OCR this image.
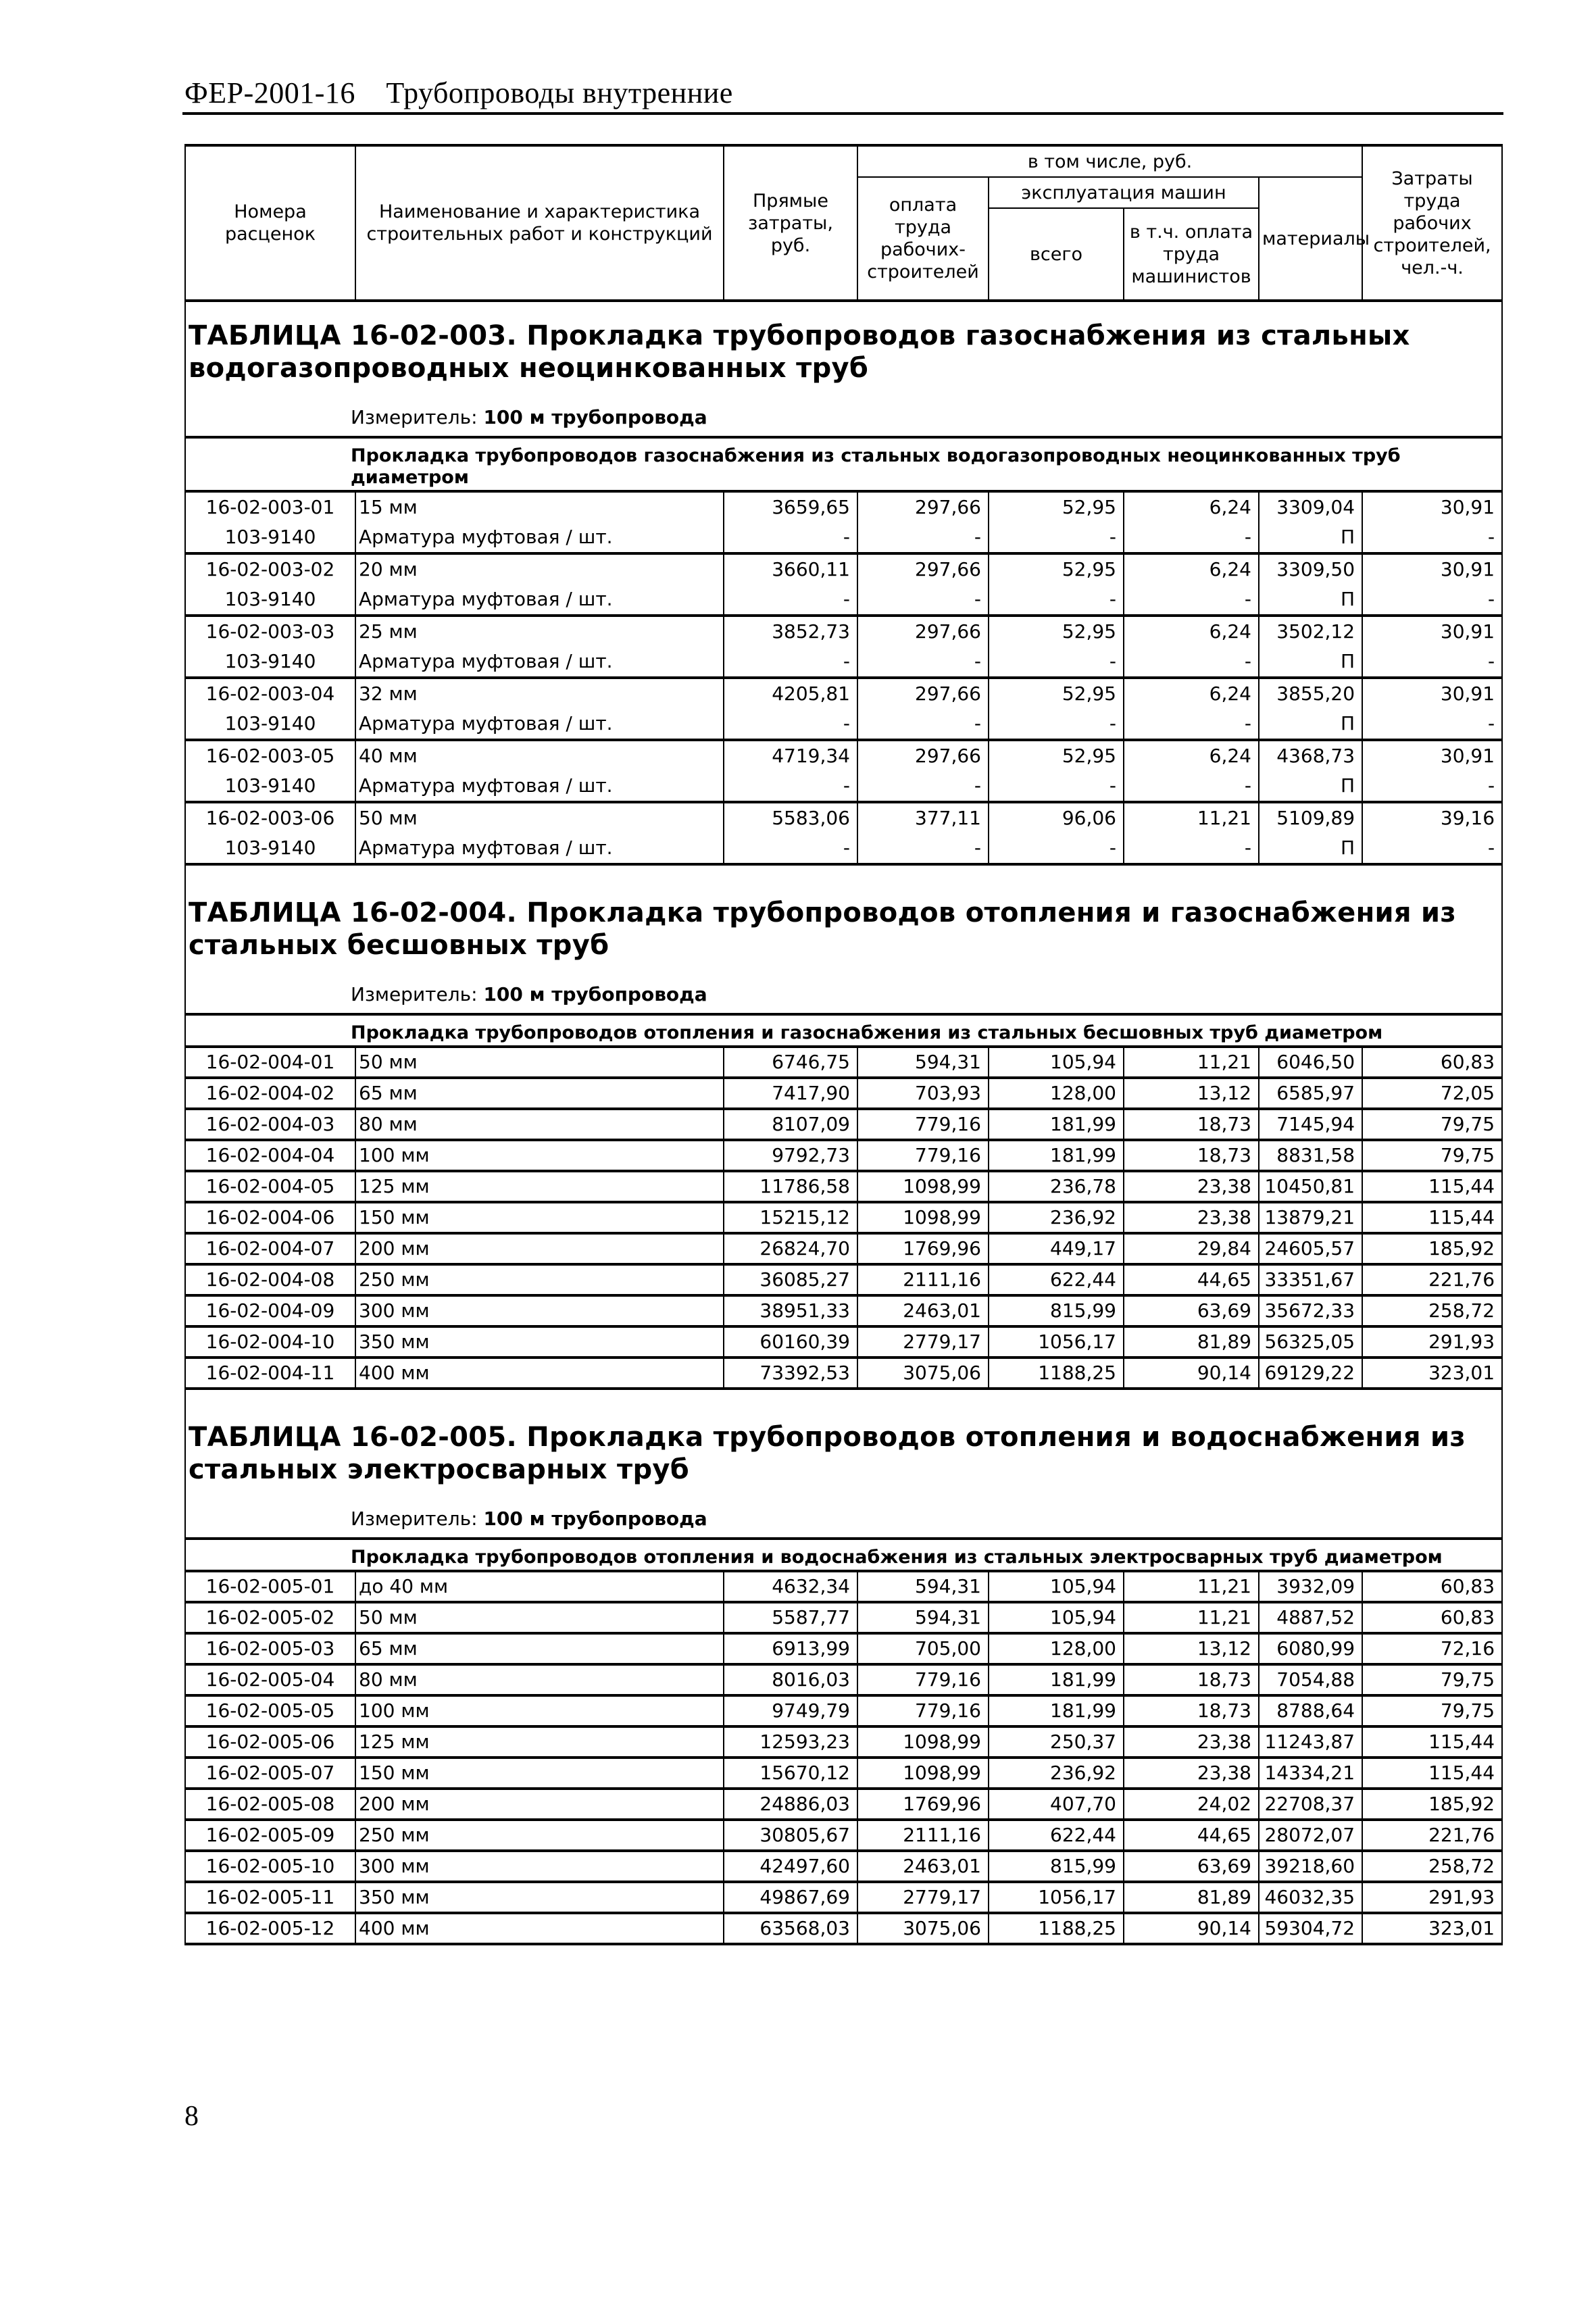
ФЕР-2001-16 Трубопроводы внутренние
Номера расценок	Наименование и характеристика строительных работ и конструкций	Прямые затраты, руб.	в том числе, руб.				Затраты труда рабочих строителей, чел.-ч.
			оплата труда рабочих-строителей	эксплуатация машин		материалы	
				всего	в т.ч. оплата труда машинистов		
ТАБЛИЦА 16-02-003. Прокладка трубопроводов газоснабжения из стальных водогазопроводных неоцинкованных труб							
Измеритель: 100 м трубопровода							
Прокладка трубопроводов газоснабжения из стальных водогазопроводных неоцинкованных труб диаметром							
16-02-003-01	15 мм	3659,65	297,66	52,95	6,24	3309,04	30,91
103-9140	Арматура муфтовая / шт.	-	-	-	-	П	-
16-02-003-02	20 мм	3660,11	297,66	52,95	6,24	3309,50	30,91
103-9140	Арматура муфтовая / шт.	-	-	-	-	П	-
16-02-003-03	25 мм	3852,73	297,66	52,95	6,24	3502,12	30,91
103-9140	Арматура муфтовая / шт.	-	-	-	-	П	-
16-02-003-04	32 мм	4205,81	297,66	52,95	6,24	3855,20	30,91
103-9140	Арматура муфтовая / шт.	-	-	-	-	П	-
16-02-003-05	40 мм	4719,34	297,66	52,95	6,24	4368,73	30,91
103-9140	Арматура муфтовая / шт.	-	-	-	-	П	-
16-02-003-06	50 мм	5583,06	377,11	96,06	11,21	5109,89	39,16
103-9140	Арматура муфтовая / шт.	-	-	-	-	П	-
ТАБЛИЦА 16-02-004. Прокладка трубопроводов отопления и газоснабжения из стальных бесшовных труб							
Измеритель: 100 м трубопровода							
Прокладка трубопроводов отопления и газоснабжения из стальных бесшовных труб диаметром							
16-02-004-01	50 мм	6746,75	594,31	105,94	11,21	6046,50	60,83
16-02-004-02	65 мм	7417,90	703,93	128,00	13,12	6585,97	72,05
16-02-004-03	80 мм	8107,09	779,16	181,99	18,73	7145,94	79,75
16-02-004-04	100 мм	9792,73	779,16	181,99	18,73	8831,58	79,75
16-02-004-05	125 мм	11786,58	1098,99	236,78	23,38	10450,81	115,44
16-02-004-06	150 мм	15215,12	1098,99	236,92	23,38	13879,21	115,44
16-02-004-07	200 мм	26824,70	1769,96	449,17	29,84	24605,57	185,92
16-02-004-08	250 мм	36085,27	2111,16	622,44	44,65	33351,67	221,76
16-02-004-09	300 мм	38951,33	2463,01	815,99	63,69	35672,33	258,72
16-02-004-10	350 мм	60160,39	2779,17	1056,17	81,89	56325,05	291,93
16-02-004-11	400 мм	73392,53	3075,06	1188,25	90,14	69129,22	323,01
ТАБЛИЦА 16-02-005. Прокладка трубопроводов отопления и водоснабжения из стальных электросварных труб							
Измеритель: 100 м трубопровода							
Прокладка трубопроводов отопления и водоснабжения из стальных электросварных труб диаметром							
16-02-005-01	до 40 мм	4632,34	594,31	105,94	11,21	3932,09	60,83
16-02-005-02	50 мм	5587,77	594,31	105,94	11,21	4887,52	60,83
16-02-005-03	65 мм	6913,99	705,00	128,00	13,12	6080,99	72,16
16-02-005-04	80 мм	8016,03	779,16	181,99	18,73	7054,88	79,75
16-02-005-05	100 мм	9749,79	779,16	181,99	18,73	8788,64	79,75
16-02-005-06	125 мм	12593,23	1098,99	250,37	23,38	11243,87	115,44
16-02-005-07	150 мм	15670,12	1098,99	236,92	23,38	14334,21	115,44
16-02-005-08	200 мм	24886,03	1769,96	407,70	24,02	22708,37	185,92
16-02-005-09	250 мм	30805,67	2111,16	622,44	44,65	28072,07	221,76
16-02-005-10	300 мм	42497,60	2463,01	815,99	63,69	39218,60	258,72
16-02-005-11	350 мм	49867,69	2779,17	1056,17	81,89	46032,35	291,93
16-02-005-12	400 мм	63568,03	3075,06	1188,25	90,14	59304,72	323,01
8
